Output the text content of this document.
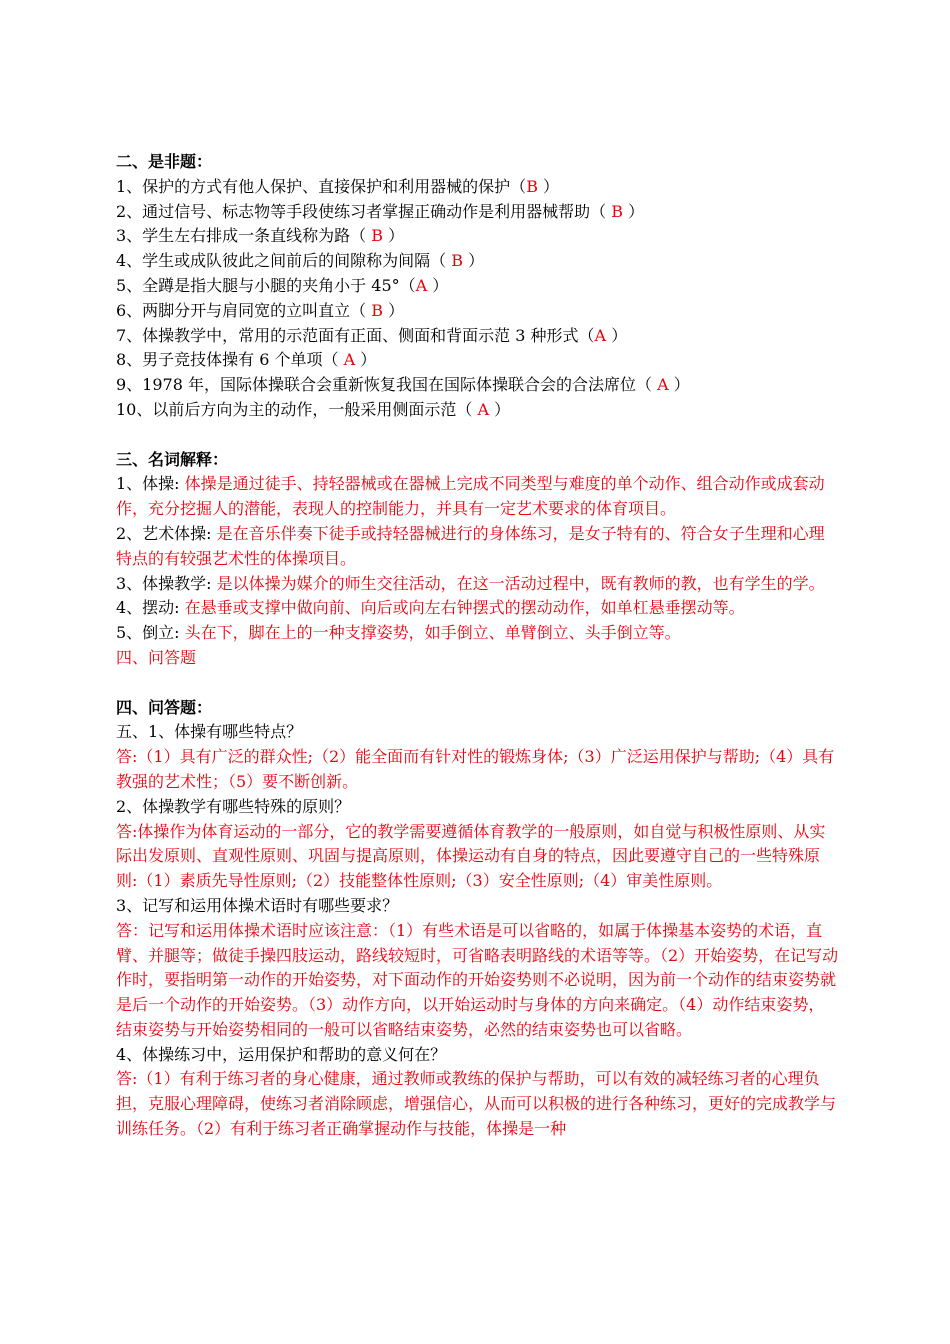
二、是非题：
1、保护的方式有他人保护、直接保护和利用器械的保护（B ）
2、通过信号、标志物等手段使练习者掌握正确动作是利用器械帮助（ B ）
3、学生左右排成一条直线称为路（ B ）
4、学生或成队彼此之间前后的间隙称为间隔（ B ）
5、全蹲是指大腿与小腿的夹角小于 45°（A ）
6、两脚分开与肩同宽的立叫直立（ B ）
7、体操教学中，常用的示范面有正面、侧面和背面示范 3 种形式（A ）
8、男子竞技体操有 6 个单项（ A ）
9、1978 年，国际体操联合会重新恢复我国在国际体操联合会的合法席位（ A ）
10、以前后方向为主的动作，一般采用侧面示范（ A ）
三、名词解释：
1、体操: 体操是通过徒手、持轻器械或在器械上完成不同类型与难度的单个动作、组合动作或成套动作，充分挖掘人的潜能，表现人的控制能力，并具有一定艺术要求的体育项目。
2、艺术体操: 是在音乐伴奏下徒手或持轻器械进行的身体练习，是女子特有的、符合女子生理和心理特点的有较强艺术性的体操项目。
3、体操教学: 是以体操为媒介的师生交往活动，在这一活动过程中，既有教师的教，也有学生的学。
4、摆动: 在悬垂或支撑中做向前、向后或向左右钟摆式的摆动动作，如单杠悬垂摆动等。
5、倒立: 头在下，脚在上的一种支撑姿势，如手倒立、单臂倒立、头手倒立等。
四、问答题
四、问答题：
五、1、体操有哪些特点？
答:（1）具有广泛的群众性;（2）能全面而有针对性的锻炼身体;（3）广泛运用保护与帮助;（4）具有教强的艺术性；（5）要不断创新。
2、体操教学有哪些特殊的原则？
答:体操作为体育运动的一部分，它的教学需要遵循体育教学的一般原则，如自觉与积极性原则、从实际出发原则、直观性原则、巩固与提高原则，体操运动有自身的特点，因此要遵守自己的一些特殊原则:（1）素质先导性原则;（2）技能整体性原则;（3）安全性原则;（4）审美性原则。
3、记写和运用体操术语时有哪些要求？
答：记写和运用体操术语时应该注意：（1）有些术语是可以省略的，如属于体操基本姿势的术语，直臂、并腿等；做徒手操四肢运动，路线较短时，可省略表明路线的术语等等。（2）开始姿势，在记写动作时，要指明第一动作的开始姿势，对下面动作的开始姿势则不必说明，因为前一个动作的结束姿势就是后一个动作的开始姿势。（3）动作方向，以开始运动时与身体的方向来确定。（4）动作结束姿势，结束姿势与开始姿势相同的一般可以省略结束姿势，必然的结束姿势也可以省略。
4、体操练习中，运用保护和帮助的意义何在？
答:（1）有利于练习者的身心健康，通过教师或教练的保护与帮助，可以有效的减轻练习者的心理负担，克服心理障碍，使练习者消除顾虑，增强信心，从而可以积极的进行各种练习，更好的完成教学与训练任务。（2）有利于练习者正确掌握动作与技能，体操是一种
